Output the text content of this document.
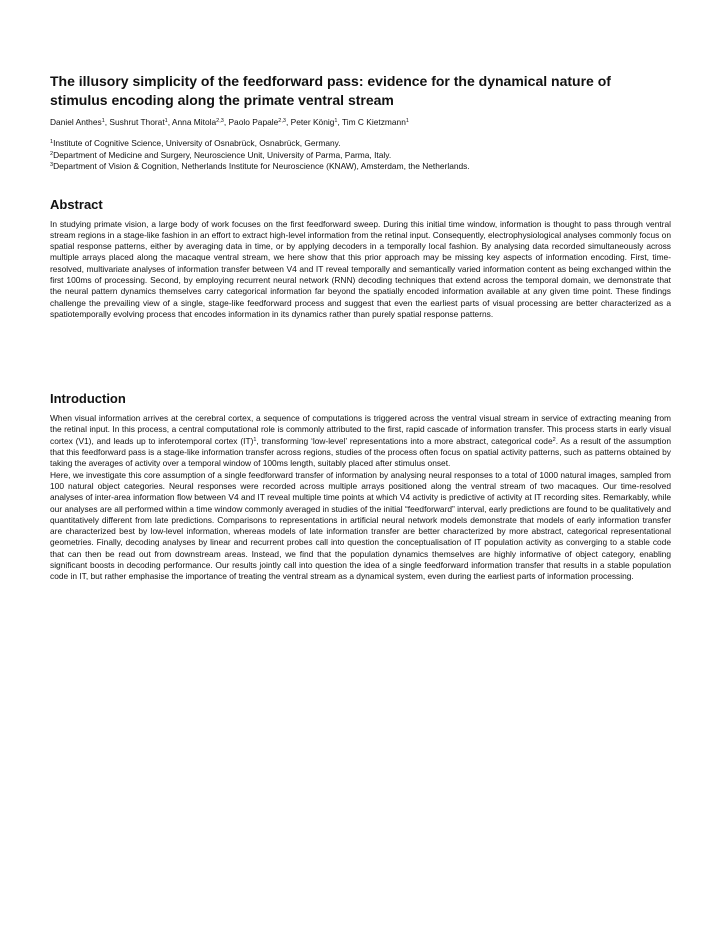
The illusory simplicity of the feedforward pass: evidence for the dynamical nature of stimulus encoding along the primate ventral stream
Daniel Anthes$^1$, Sushrut Thorat$^1$, Anna Mitola$^{2,3}$, Paolo Papale$^{2,3}$, Peter König$^1$, Tim C Kietzmann$^1$

$^1$Institute of Cognitive Science, University of Osnabrück, Osnabrück, Germany.

$^2$Department of Medicine and Surgery, Neuroscience Unit, University of Parma, Parma, Italy.

$^3$Department of Vision & Cognition, Netherlands Institute for Neuroscience (KNAW), Amsterdam, the Netherlands.

Abstract

In studying primate vision, a large body of work focuses on the first feedforward sweep. During this initial time window, information is thought to pass through ventral stream regions in a stage-like fashion in an effort to extract high-level information from the retinal input. Consequently, electrophysiological analyses commonly focus on spatial response patterns, either by averaging data in time, or by applying decoders in a temporally local fashion. By analysing data recorded simultaneously across multiple arrays placed along the macaque ventral stream, we here show that this prior approach may be missing key aspects of information encoding. First, time-resolved, multivariate analyses of information transfer between V4 and IT reveal temporally and semantically varied information content as being exchanged within the first 100ms of processing. Second, by employing recurrent neural network (RNN) decoding techniques that extend across the temporal domain, we demonstrate that the neural pattern dynamics themselves carry categorical information far beyond the spatially encoded information available at any given time point. These findings challenge the prevailing view of a single, stage-like feedforward process and suggest that even the earliest parts of visual processing are better characterized as a spatiotemporally evolving process that encodes information in its dynamics rather than purely spatial response patterns.

Introduction

When visual information arrives at the cerebral cortex, a sequence of computations is triggered across the ventral visual stream in service of extracting meaning from the retinal input. In this process, a central computational role is commonly attributed to the first, rapid cascade of information transfer. This process starts in early visual cortex (V1), and leads up to inferotemporal cortex (IT)$^1$, transforming ‘low-level’ representations into a more abstract, categorical code$^2$. As a result of the assumption that this feedforward pass is a stage-like information transfer across regions, studies of the process often focus on spatial activity patterns, such as patterns obtained by taking the averages of activity over a temporal window of 100ms length, suitably placed after stimulus onset.

Here, we investigate this core assumption of a single feedforward transfer of information by analysing neural responses to a total of 1000 natural images, sampled from 100 natural object categories. Neural responses were recorded across multiple arrays positioned along the ventral stream of two macaques. Our time-resolved analyses of inter-area information flow between V4 and IT reveal multiple time points at which V4 activity is predictive of activity at IT recording sites. Remarkably, while our analyses are all performed within a time window commonly averaged in studies of the initial “feedforward” interval, early predictions are found to be qualitatively and quantitatively different from late predictions. Comparisons to representations in artificial neural network models demonstrate that models of early information transfer are characterized best by low-level information, whereas models of late information transfer are better characterized by more abstract, categorical representational geometries. Finally, decoding analyses by linear and recurrent probes call into question the conceptualisation of IT population activity as converging to a stable code that can then be read out from downstream areas. Instead, we find that the population dynamics themselves are highly informative of object category, enabling significant boosts in decoding performance. Our results jointly call into question the idea of a single feedforward information transfer that results in a stable population code in IT, but rather emphasise the importance of treating the ventral stream as a dynamical system, even during the earliest parts of information processing.
